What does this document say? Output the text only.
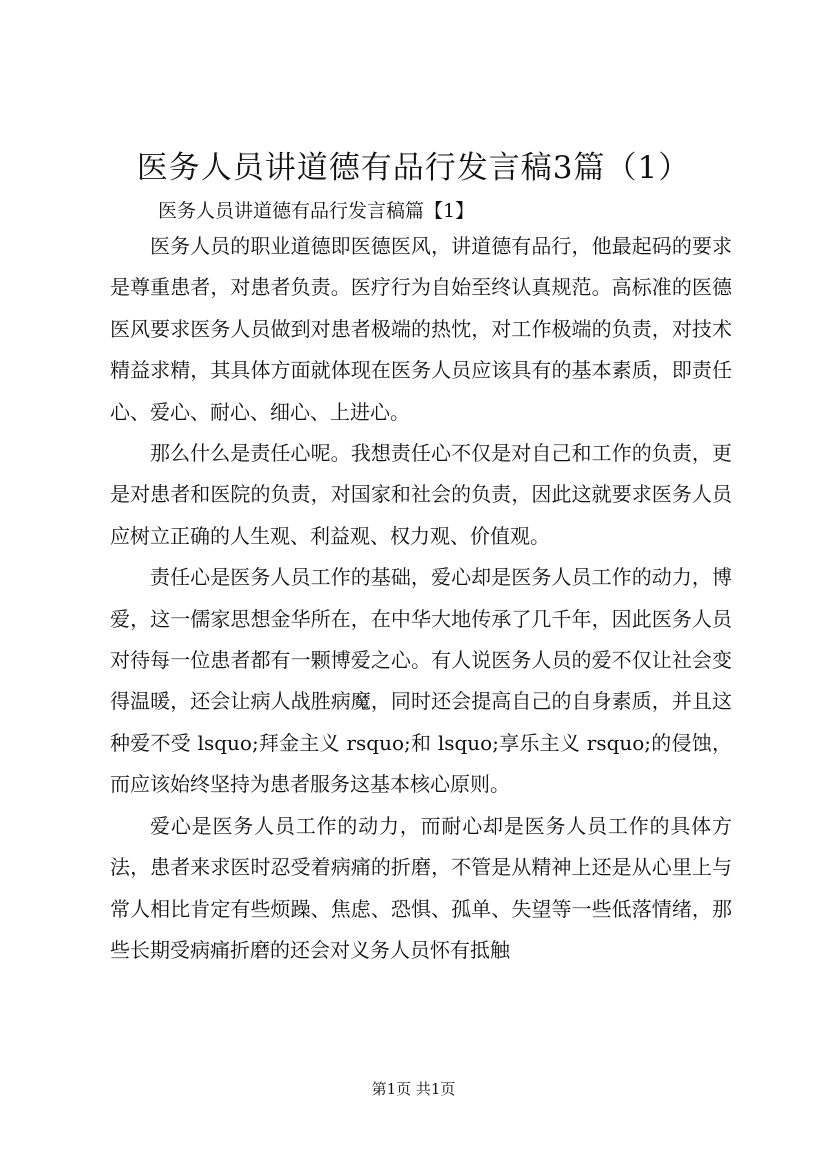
医务人员讲道德有品行发言稿3篇（1）
医务人员讲道德有品行发言稿篇【1】

医务人员的职业道德即医德医风，讲道德有品行，他最起码的要求是尊重患者，对患者负责。医疗行为自始至终认真规范。高标准的医德医风要求医务人员做到对患者极端的热忱，对工作极端的负责，对技术精益求精，其具体方面就体现在医务人员应该具有的基本素质，即责任心、爱心、耐心、细心、上进心。

那么什么是责任心呢。我想责任心不仅是对自己和工作的负责，更是对患者和医院的负责，对国家和社会的负责，因此这就要求医务人员应树立正确的人生观、利益观、权力观、价值观。

责任心是医务人员工作的基础，爱心却是医务人员工作的动力，博爱，这一儒家思想金华所在，在中华大地传承了几千年，因此医务人员对待每一位患者都有一颗博爱之心。有人说医务人员的爱不仅让社会变得温暖，还会让病人战胜病魔，同时还会提高自己的自身素质，并且这种爱不受 lsquo;拜金主义 rsquo;和 lsquo;享乐主义 rsquo;的侵蚀，而应该始终坚持为患者服务这基本核心原则。

爱心是医务人员工作的动力，而耐心却是医务人员工作的具体方法，患者来求医时忍受着病痛的折磨，不管是从精神上还是从心里上与常人相比肯定有些烦躁、焦虑、恐惧、孤单、失望等一些低落情绪，那些长期受病痛折磨的还会对义务人员怀有抵触

第1页 共1页
